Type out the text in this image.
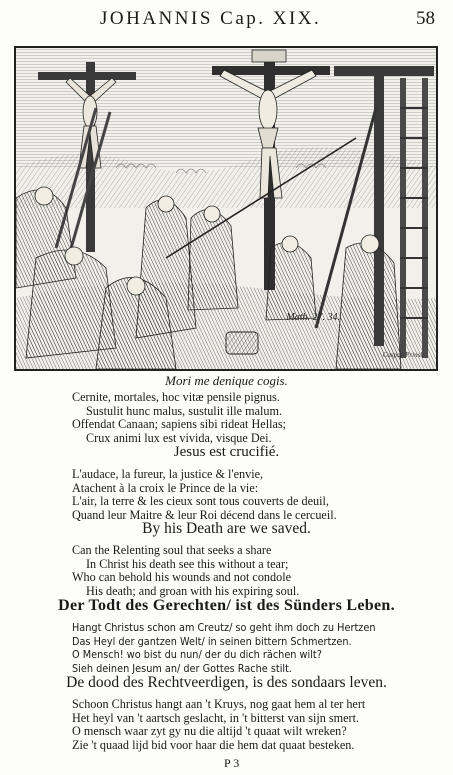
JOHANNIS Cap. XIX.	58
Math. 27. 34.
Caspar Prinsl.
Mori me denique cogis.
Cernite, mortales, hoc vitæ pensile pignus.
Sustulit hunc malus, sustulit ille malum.
Offendat Canaan; sapiens sibi rideat Hellas;
Crux animi lux est vivida, visque Dei.
Jesus est crucifié.
L'audace, la fureur, la justice & l'envie,
Atachent à la croix le Prince de la vie:
L'air, la terre & les cieux sont tous couverts de deuil,
Quand leur Maitre & leur Roi décend dans le cercueil.
By his Death are we saved.
Can the Relenting soul that seeks a share
In Christ his death see this without a tear;
Who can behold his wounds and not condole
His death; and groan with his expiring soul.
Der Todt des Gerechten/ ist des Sünders Leben.
Hangt Christus schon am Creutz/ so geht ihm doch zu Hertzen
Das Heyl der gantzen Welt/ in seinen bittern Schmertzen.
O Mensch! wo bist du nun/ der du dich rächen wilt?
Sieh deinen Jesum an/ der Gottes Rache stilt.
De dood des Rechtveerdigen, is des sondaars leven.
Schoon Christus hangt aan 't Kruys, nog gaat hem al ter hert
Het heyl van 't aartsch geslacht, in 't bitterst van sijn smert.
O mensch waar zyt gy nu die altijd 't quaat wilt wreken?
Zie 't quaad lijd bid voor haar die hem dat quaat besteken.
P 3
